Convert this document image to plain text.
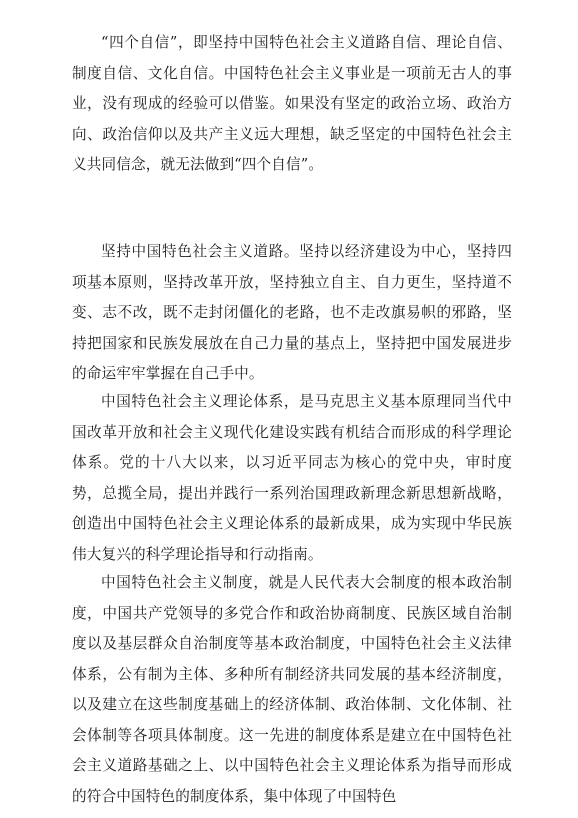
“四个自信”，即坚持中国特色社会主义道路自信、理论自信、制度自信、文化自信。中国特色社会主义事业是一项前无古人的事业，没有现成的经验可以借鉴。如果没有坚定的政治立场、政治方向、政治信仰以及共产主义远大理想，缺乏坚定的中国特色社会主义共同信念，就无法做到“四个自信”。

坚持中国特色社会主义道路。坚持以经济建设为中心，坚持四项基本原则，坚持改革开放，坚持独立自主、自力更生，坚持道不变、志不改，既不走封闭僵化的老路，也不走改旗易帜的邪路，坚持把国家和民族发展放在自己力量的基点上，坚持把中国发展进步的命运牢牢掌握在自己手中。

中国特色社会主义理论体系，是马克思主义基本原理同当代中国改革开放和社会主义现代化建设实践有机结合而形成的科学理论体系。党的十八大以来，以习近平同志为核心的党中央，审时度势，总揽全局，提出并践行一系列治国理政新理念新思想新战略，创造出中国特色社会主义理论体系的最新成果，成为实现中华民族伟大复兴的科学理论指导和行动指南。

中国特色社会主义制度，就是人民代表大会制度的根本政治制度，中国共产党领导的多党合作和政治协商制度、民族区域自治制度以及基层群众自治制度等基本政治制度，中国特色社会主义法律体系，公有制为主体、多种所有制经济共同发展的基本经济制度，以及建立在这些制度基础上的经济体制、政治体制、文化体制、社会体制等各项具体制度。这一先进的制度体系是建立在中国特色社会主义道路基础之上、以中国特色社会主义理论体系为指导而形成的符合中国特色的制度体系，集中体现了中国特色
